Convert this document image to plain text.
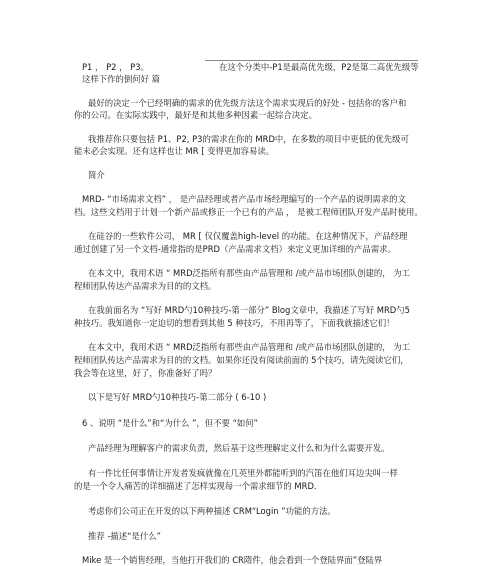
P1 ， P2 ， P3。	在这个分类中-P1是最高优先级，P2是第二高优先级等
这样下作的倒何好 篇
最好的决定一个已经明确的需求的优先级方法这个需求实现后的好处 - 包括你的客户和
你的公司。在实际实践中，最好是和其他多种因素一起综合决定。
我推荐你只要包括 P1、P2, P3的需求在你的 MRD中，在多数的项目中更低的优先级可
能未必会实现。还有这样也让 MR [ 变得更加容易读。
简介
MRD- “市场需求文档” ， 是产品经理或者产品市场经理编写的一个产品的说明需求的文
档。这些文档用于计划一个新产品或修正一个已有的产品 ， 是被工程师团队开发产品时使用。
在硅谷的一些软件公司， MR [ 仅仅覆盖high-level 的功能。在这种情况下，产品经理
通过创建了另一个文档-通常指的是PRD（产品需求文档）来定义更加详细的产品需求。
在本文中，我用术语 “ MRD泛指所有那些由产品管理和 /或产品市场团队创建的， 为工
程师团队传达产品需求为目的的文档。
在我前面名为 “写好 MRD勺10种技巧-第一部分” Blog文章中，我描述了写好 MRD勺5
种技巧。我知道你一定迫切的想看到其他 5 种技巧，不用再等了，下面我就描述它们！
在本文中，我用术语 “ MRD泛指所有那些由产品管理和 /或产品市场团队创建的， 为工
程师团队传达产品需求为目的的文档。如果你还没有阅读前面的 5个技巧，请先阅读它们，
我会等在这里，好了，你准备好了吗？
以下是写好 MRD勺10种技巧-第二部分 ( 6-10 )
6 、说明 “是什么”和“为什么 ”，但不要 “如何”
产品经理为理解客户的需求负责，然后基于这些理解定义什么和为什么需要开发。
有一件比任何事情让开发者发疯就像在几英里外都能听到的汽笛在他们耳边尖叫一样
的是一个令人痛苦的详细描述了怎样实现每一个需求细节的 MRD.
考虑你们公司正在开发的以下两种描述 CRM“Login ”功能的方法。
推荐 -描述“是什么”
Mike 是一个销售经理，当他打开我们的 CR隋件，他会看到一个登陆界面”登陆界
